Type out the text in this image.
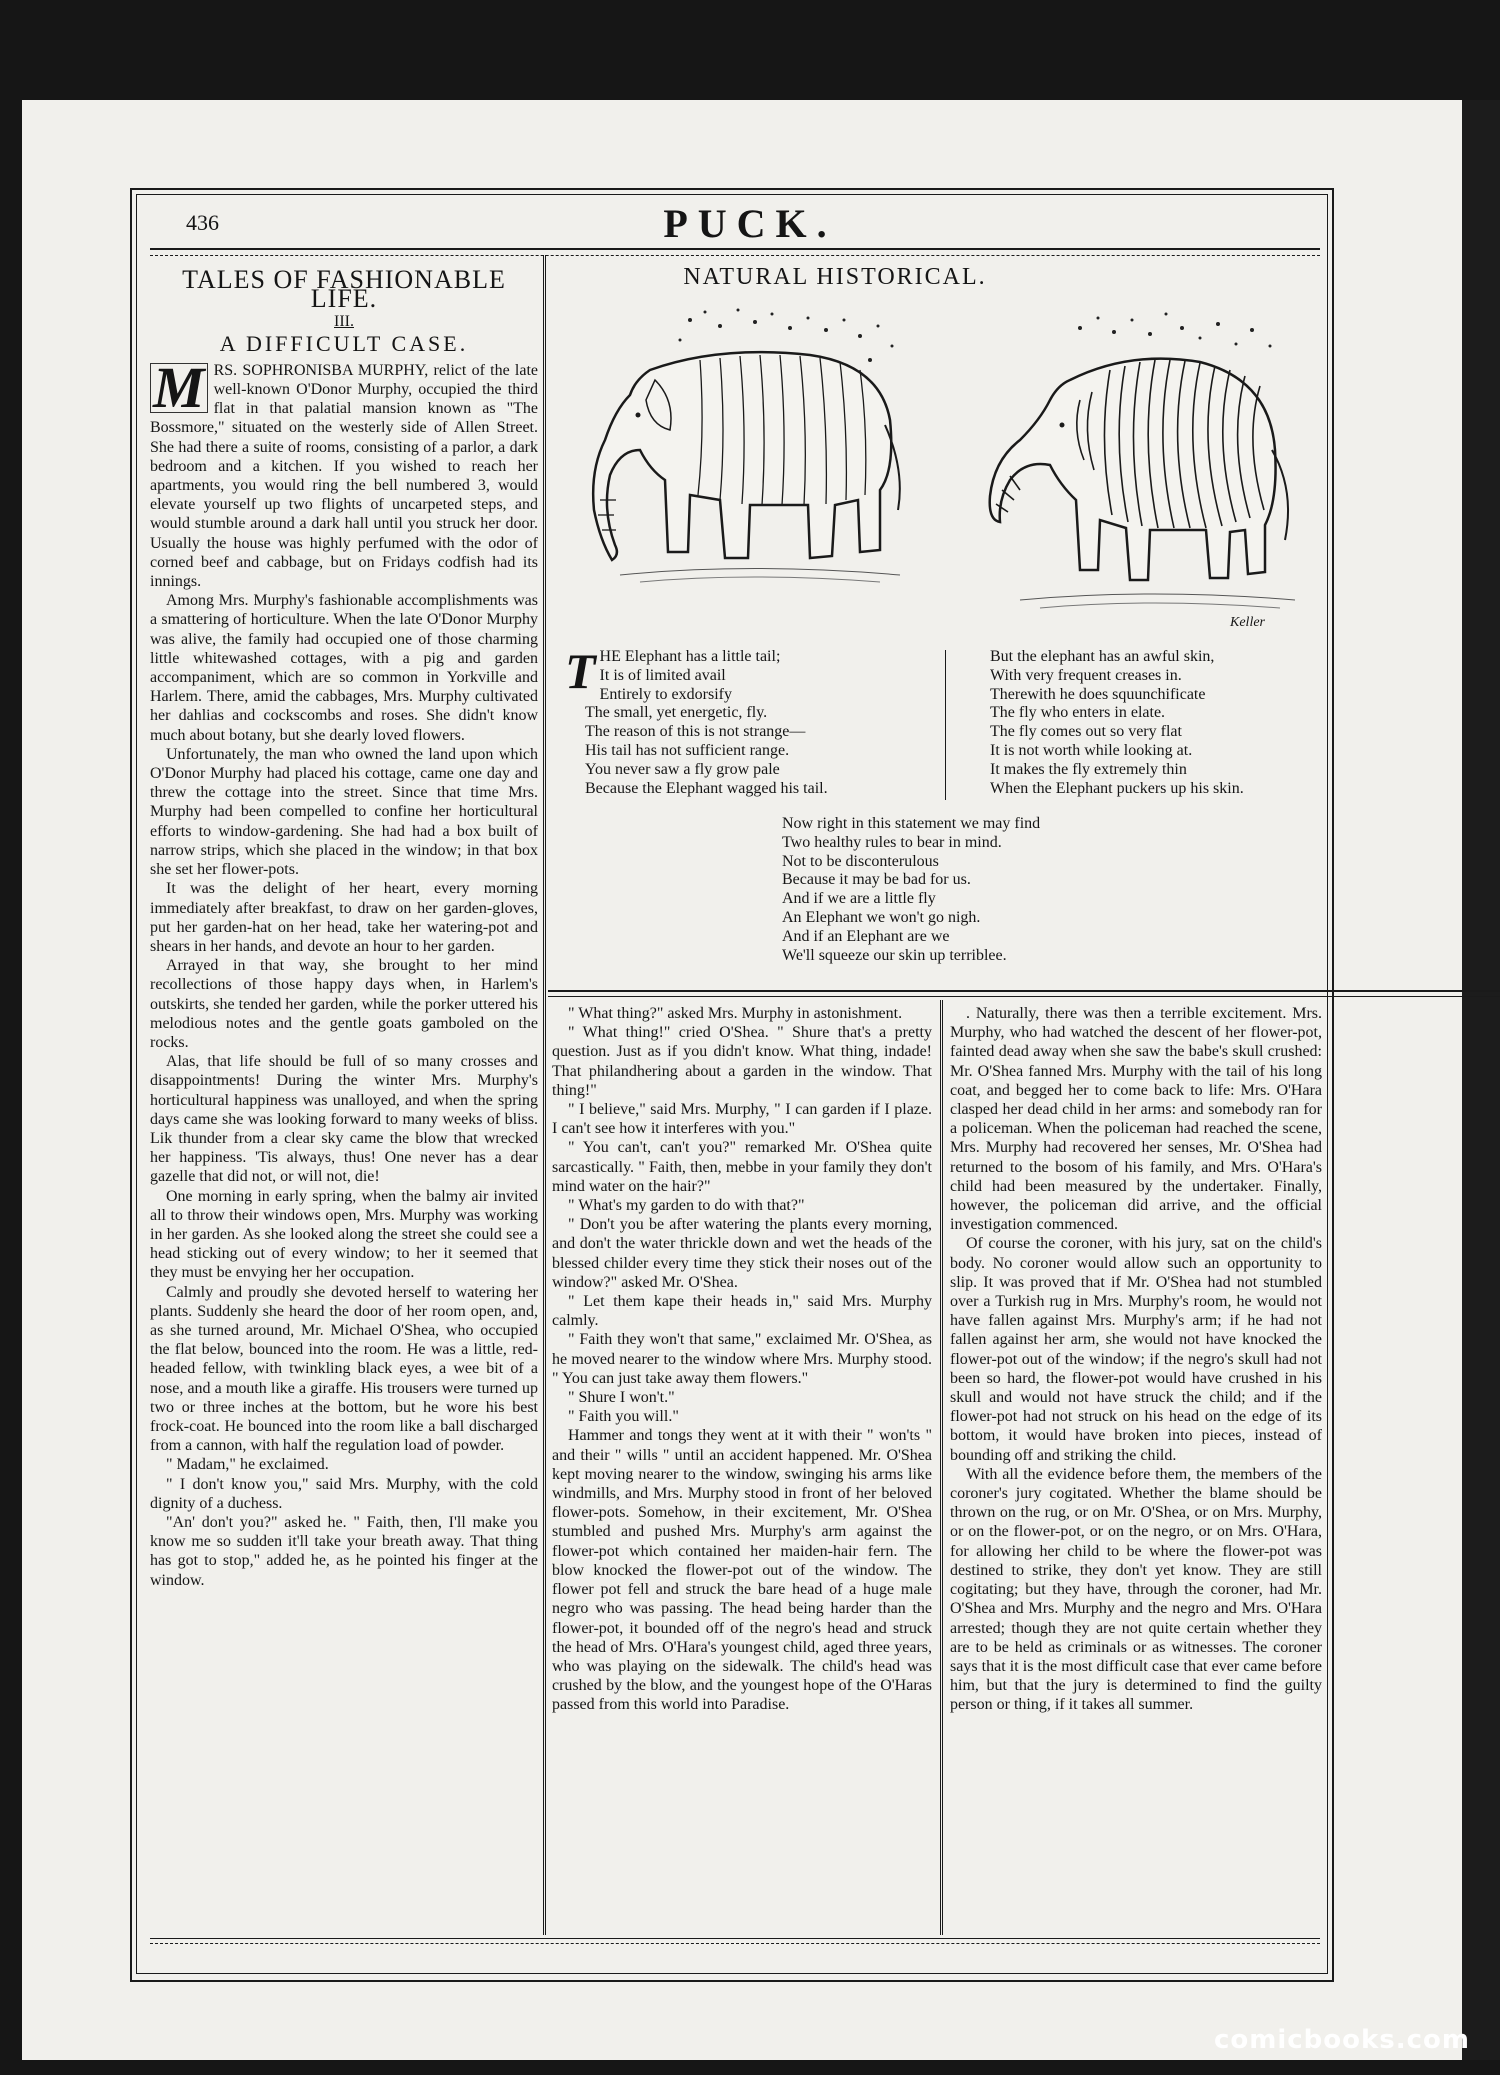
436	PUCK.
TALES OF FASHIONABLE LIFE.
III.
A DIFFICULT CASE.

M RS. SOPHRONISBA MURPHY, relict of the late well-known O'Donor Murphy, occupied the third flat in that palatial mansion known as "The Bossmore," situated on the westerly side of Allen Street. She had there a suite of rooms, consisting of a parlor, a dark bedroom and a kitchen. If you wished to reach her apartments, you would ring the bell numbered 3, would elevate yourself up two flights of uncarpeted steps, and would stumble around a dark hall until you struck her door. Usually the house was highly perfumed with the odor of corned beef and cabbage, but on Fridays codfish had its innings.

Among Mrs. Murphy's fashionable accomplishments was a smattering of horticulture. When the late O'Donor Murphy was alive, the family had occupied one of those charming little whitewashed cottages, with a pig and garden accompaniment, which are so common in Yorkville and Harlem. There, amid the cabbages, Mrs. Murphy cultivated her dahlias and cockscombs and roses. She didn't know much about botany, but she dearly loved flowers.

Unfortunately, the man who owned the land upon which O'Donor Murphy had placed his cottage, came one day and threw the cottage into the street. Since that time Mrs. Murphy had been compelled to confine her horticultural efforts to window-gardening. She had had a box built of narrow strips, which she placed in the window; in that box she set her flower-pots.

It was the delight of her heart, every morning immediately after breakfast, to draw on her garden-gloves, put her garden-hat on her head, take her watering-pot and shears in her hands, and devote an hour to her garden.

Arrayed in that way, she brought to her mind recollections of those happy days when, in Harlem's outskirts, she tended her garden, while the porker uttered his melodious notes and the gentle goats gamboled on the rocks.

Alas, that life should be full of so many crosses and disappointments! During the winter Mrs. Murphy's horticultural happiness was unalloyed, and when the spring days came she was looking forward to many weeks of bliss. Lik thunder from a clear sky came the blow that wrecked her happiness. 'Tis always, thus! One never has a dear gazelle that did not, or will not, die!

One morning in early spring, when the balmy air invited all to throw their windows open, Mrs. Murphy was working in her garden. As she looked along the street she could see a head sticking out of every window; to her it seemed that they must be envying her her occupation.

Calmly and proudly she devoted herself to watering her plants. Suddenly she heard the door of her room open, and, as she turned around, Mr. Michael O'Shea, who occupied the flat below, bounced into the room. He was a little, red-headed fellow, with twinkling black eyes, a wee bit of a nose, and a mouth like a giraffe. His trousers were turned up two or three inches at the bottom, but he wore his best frock-coat. He bounced into the room like a ball discharged from a cannon, with half the regulation load of powder.

" Madam," he exclaimed.

" I don't know you," said Mrs. Murphy, with the cold dignity of a duchess.

"An' don't you?" asked he. " Faith, then, I'll make you know me so sudden it'll take your breath away. That thing has got to stop," added he, as he pointed his finger at the window.

" What thing?" asked Mrs. Murphy in astonishment.

" What thing!" cried O'Shea. " Shure that's a pretty question. Just as if you didn't know. What thing, indade! That philandhering about a garden in the window. That thing!"

" I believe," said Mrs. Murphy, " I can garden if I plaze. I can't see how it interferes with you."

" You can't, can't you?" remarked Mr. O'Shea quite sarcastically. " Faith, then, mebbe in your family they don't mind water on the hair?"

" What's my garden to do with that?"

" Don't you be after watering the plants every morning, and don't the water thrickle down and wet the heads of the blessed childer every time they stick their noses out of the window?" asked Mr. O'Shea.

" Let them kape their heads in," said Mrs. Murphy calmly.

" Faith they won't that same," exclaimed Mr. O'Shea, as he moved nearer to the window where Mrs. Murphy stood. " You can just take away them flowers."

" Shure I won't."

" Faith you will."

Hammer and tongs they went at it with their " won'ts " and their " wills " until an accident happened. Mr. O'Shea kept moving nearer to the window, swinging his arms like windmills, and Mrs. Murphy stood in front of her beloved flower-pots. Somehow, in their excitement, Mr. O'Shea stumbled and pushed Mrs. Murphy's arm against the flower-pot which contained her maiden-hair fern. The blow knocked the flower-pot out of the window. The flower pot fell and struck the bare head of a huge male negro who was passing. The head being harder than the flower-pot, it bounded off of the negro's head and struck the head of Mrs. O'Hara's youngest child, aged three years, who was playing on the sidewalk. The child's head was crushed by the blow, and the youngest hope of the O'Haras passed from this world into Paradise.

. Naturally, there was then a terrible excitement. Mrs. Murphy, who had watched the descent of her flower-pot, fainted dead away when she saw the babe's skull crushed: Mr. O'Shea fanned Mrs. Murphy with the tail of his long coat, and begged her to come back to life: Mrs. O'Hara clasped her dead child in her arms: and somebody ran for a policeman. When the policeman had reached the scene, Mrs. Murphy had recovered her senses, Mr. O'Shea had returned to the bosom of his family, and Mrs. O'Hara's child had been measured by the undertaker. Finally, however, the policeman did arrive, and the official investigation commenced.

Of course the coroner, with his jury, sat on the child's body. No coroner would allow such an opportunity to slip. It was proved that if Mr. O'Shea had not stumbled over a Turkish rug in Mrs. Murphy's room, he would not have fallen against Mrs. Murphy's arm; if he had not fallen against her arm, she would not have knocked the flower-pot out of the window; if the negro's skull had not been so hard, the flower-pot would have crushed in his skull and would not have struck the child; and if the flower-pot had not struck on his head on the edge of its bottom, it would have broken into pieces, instead of bounding off and striking the child.

With all the evidence before them, the members of the coroner's jury cogitated. Whether the blame should be thrown on the rug, or on Mr. O'Shea, or on Mrs. Murphy, or on the flower-pot, or on the negro, or on Mrs. O'Hara, for allowing her child to be where the flower-pot was destined to strike, they don't yet know. They are still cogitating; but they have, through the coroner, had Mr. O'Shea and Mrs. Murphy and the negro and Mrs. O'Hara arrested; though they are not quite certain whether they are to be held as criminals or as witnesses. The coroner says that it is the most difficult case that ever came before him, but that the jury is determined to find the guilty person or thing, if it takes all summer.

NATURAL HISTORICAL.
Keller
THE Elephant has a little tail;
It is of limited avail
Entirely to exdorsify
The small, yet energetic, fly.
The reason of this is not strange—
His tail has not sufficient range.
You never saw a fly grow pale
Because the Elephant wagged his tail.
But the elephant has an awful skin,
With very frequent creases in.
Therewith he does squunchificate
The fly who enters in elate.
The fly comes out so very flat
It is not worth while looking at.
It makes the fly extremely thin
When the Elephant puckers up his skin.
Now right in this statement we may find
Two healthy rules to bear in mind.
Not to be disconterulous
Because it may be bad for us.
And if we are a little fly
An Elephant we won't go nigh.
And if an Elephant are we
We'll squeeze our skin up terriblee.
comicbooks.com
